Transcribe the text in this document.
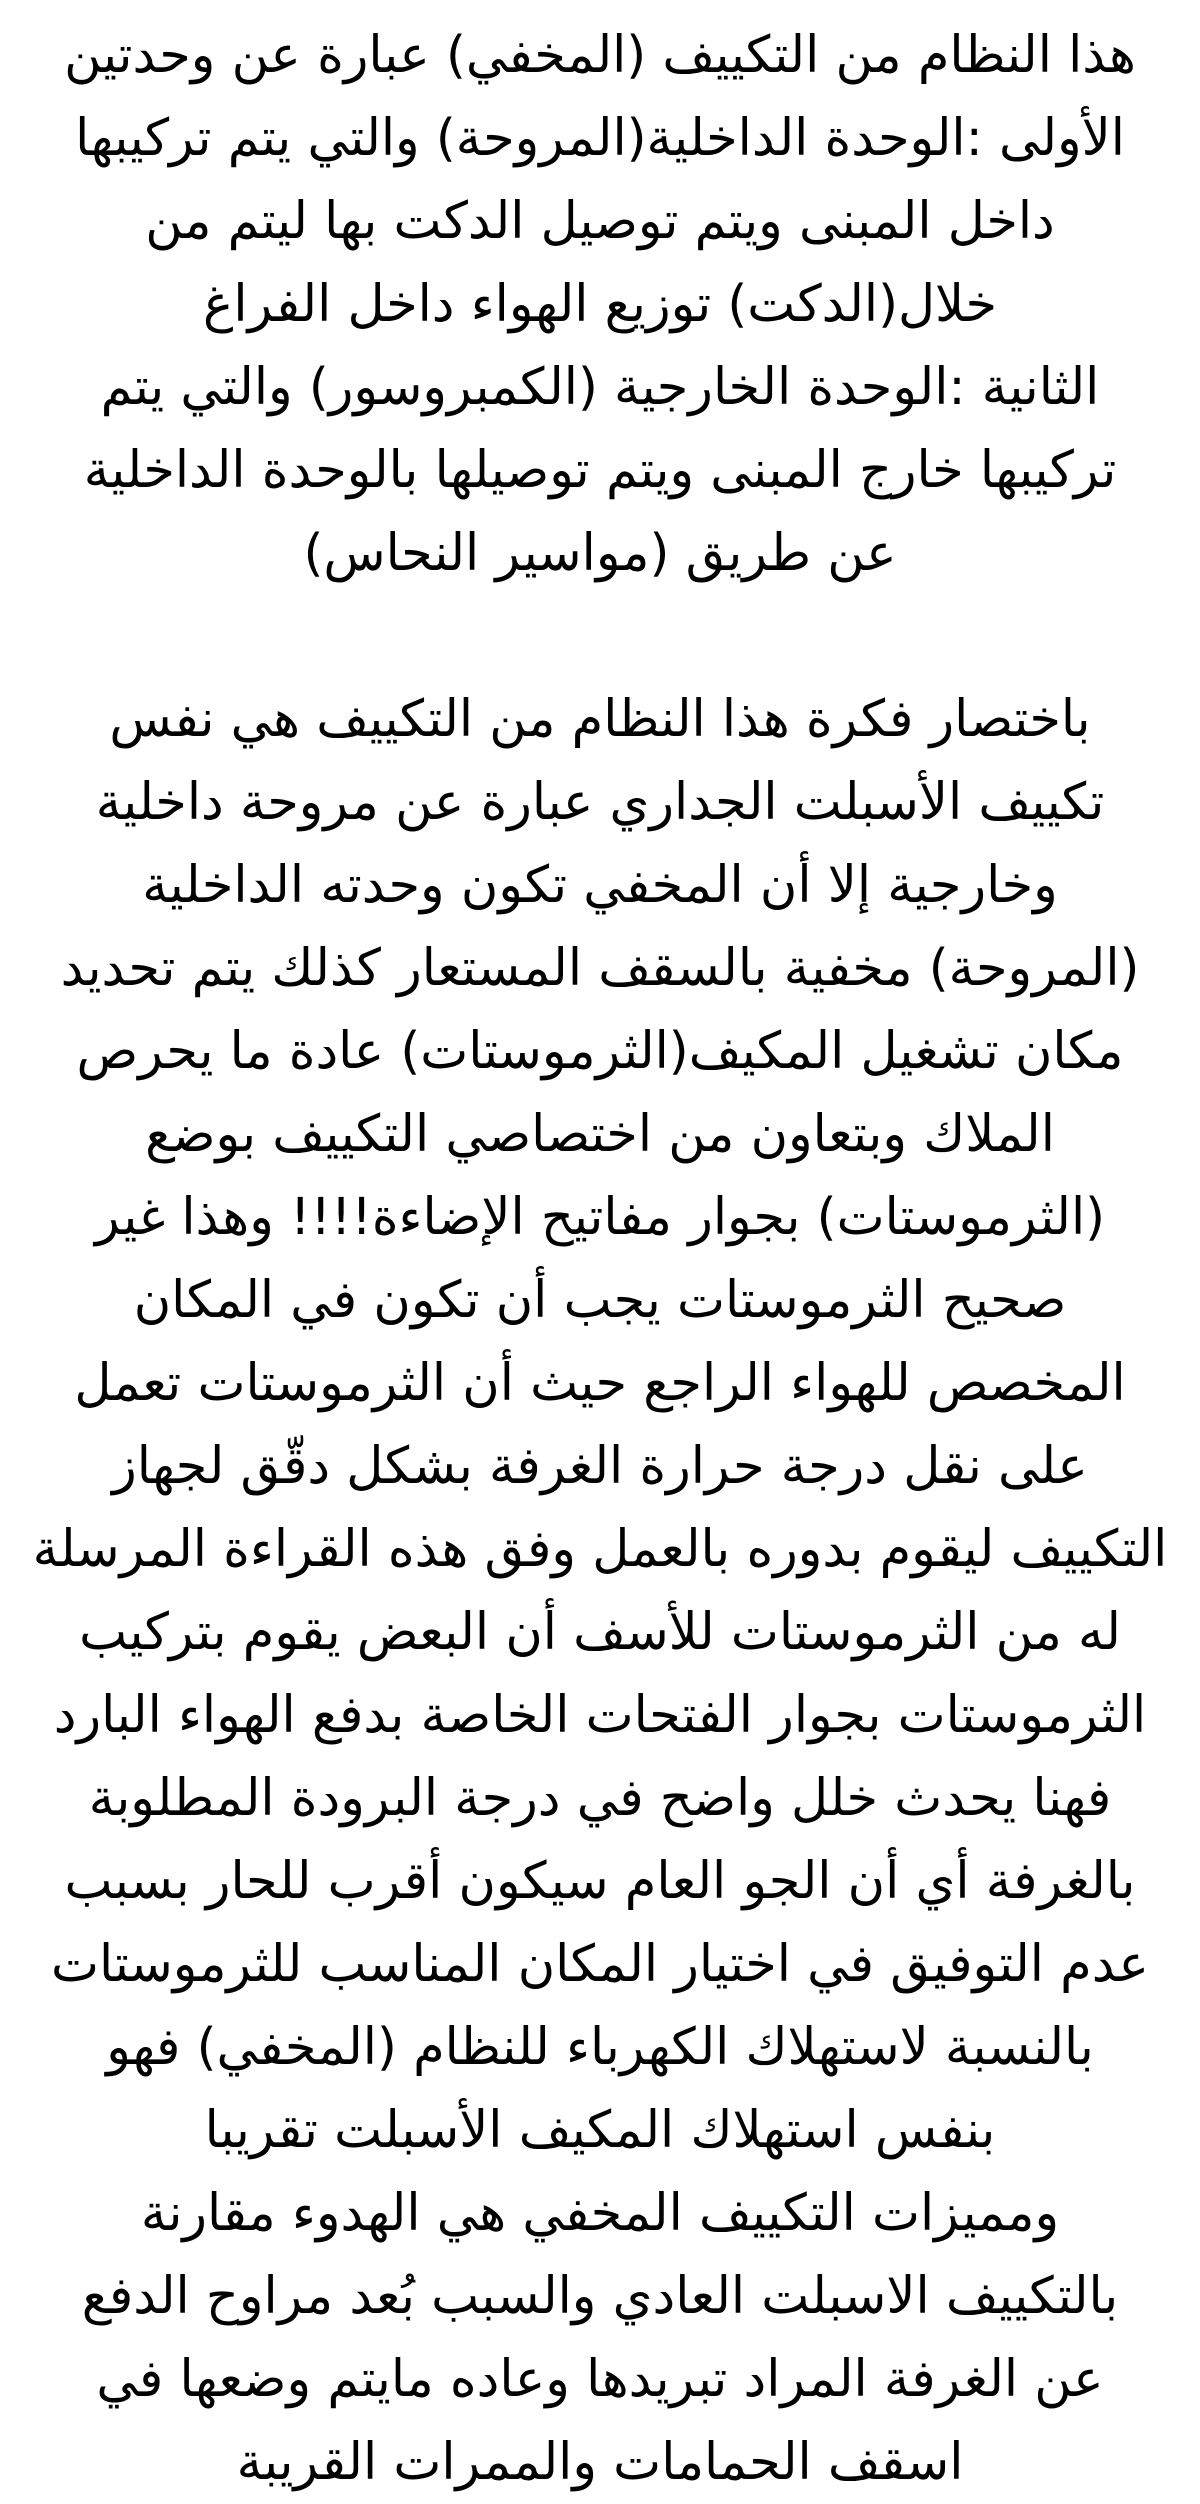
هذا النظام من التكييف (المخفي) عبارة عن وحدتين
الأولى :الوحدة الداخلية(المروحة) والتي يتم تركيبها
داخل المبنى ويتم توصيل الدكت بها ليتم من
خلال(الدكت) توزيع الهواء داخل الفراغ
الثانية :الوحدة الخارجية (الكمبروسور) والتي يتم
تركيبها خارج المبنى ويتم توصيلها بالوحدة الداخلية
عن طريق (مواسير النحاس)
باختصار فكرة هذا النظام من التكييف هي نفس
تكييف الأسبلت الجداري عبارة عن مروحة داخلية
وخارجية إلا أن المخفي تكون وحدته الداخلية
(المروحة) مخفية بالسقف المستعار كذلك يتم تحديد
مكان تشغيل المكيف(الثرموستات) عادة ما يحرص
الملاك وبتعاون من اختصاصي التكييف بوضع
(الثرموستات) بجوار مفاتيح الإضاءة!!!! وهذا غير
صحيح الثرموستات يجب أن تكون في المكان
المخصص للهواء الراجع حيث أن الثرموستات تعمل
على نقل درجة حرارة الغرفة بشكل دقّق لجهاز
التكييف ليقوم بدوره بالعمل وفق هذه القراءة المرسلة
له من الثرموستات للأسف أن البعض يقوم بتركيب
الثرموستات بجوار الفتحات الخاصة بدفع الهواء البارد
فهنا يحدث خلل واضح في درجة البرودة المطلوبة
بالغرفة أي أن الجو العام سيكون أقرب للحار بسبب
عدم التوفيق في اختيار المكان المناسب للثرموستات
بالنسبة لاستهلاك الكهرباء للنظام (المخفي) فهو
بنفس استهلاك المكيف الأسبلت تقريبا
ومميزات التكييف المخفي هي الهدوء مقارنة
بالتكييف الاسبلت العادي والسبب بُعد مراوح الدفع
عن الغرفة المراد تبريدها وعاده مايتم وضعها في
اسقف الحمامات والممرات القريبة
